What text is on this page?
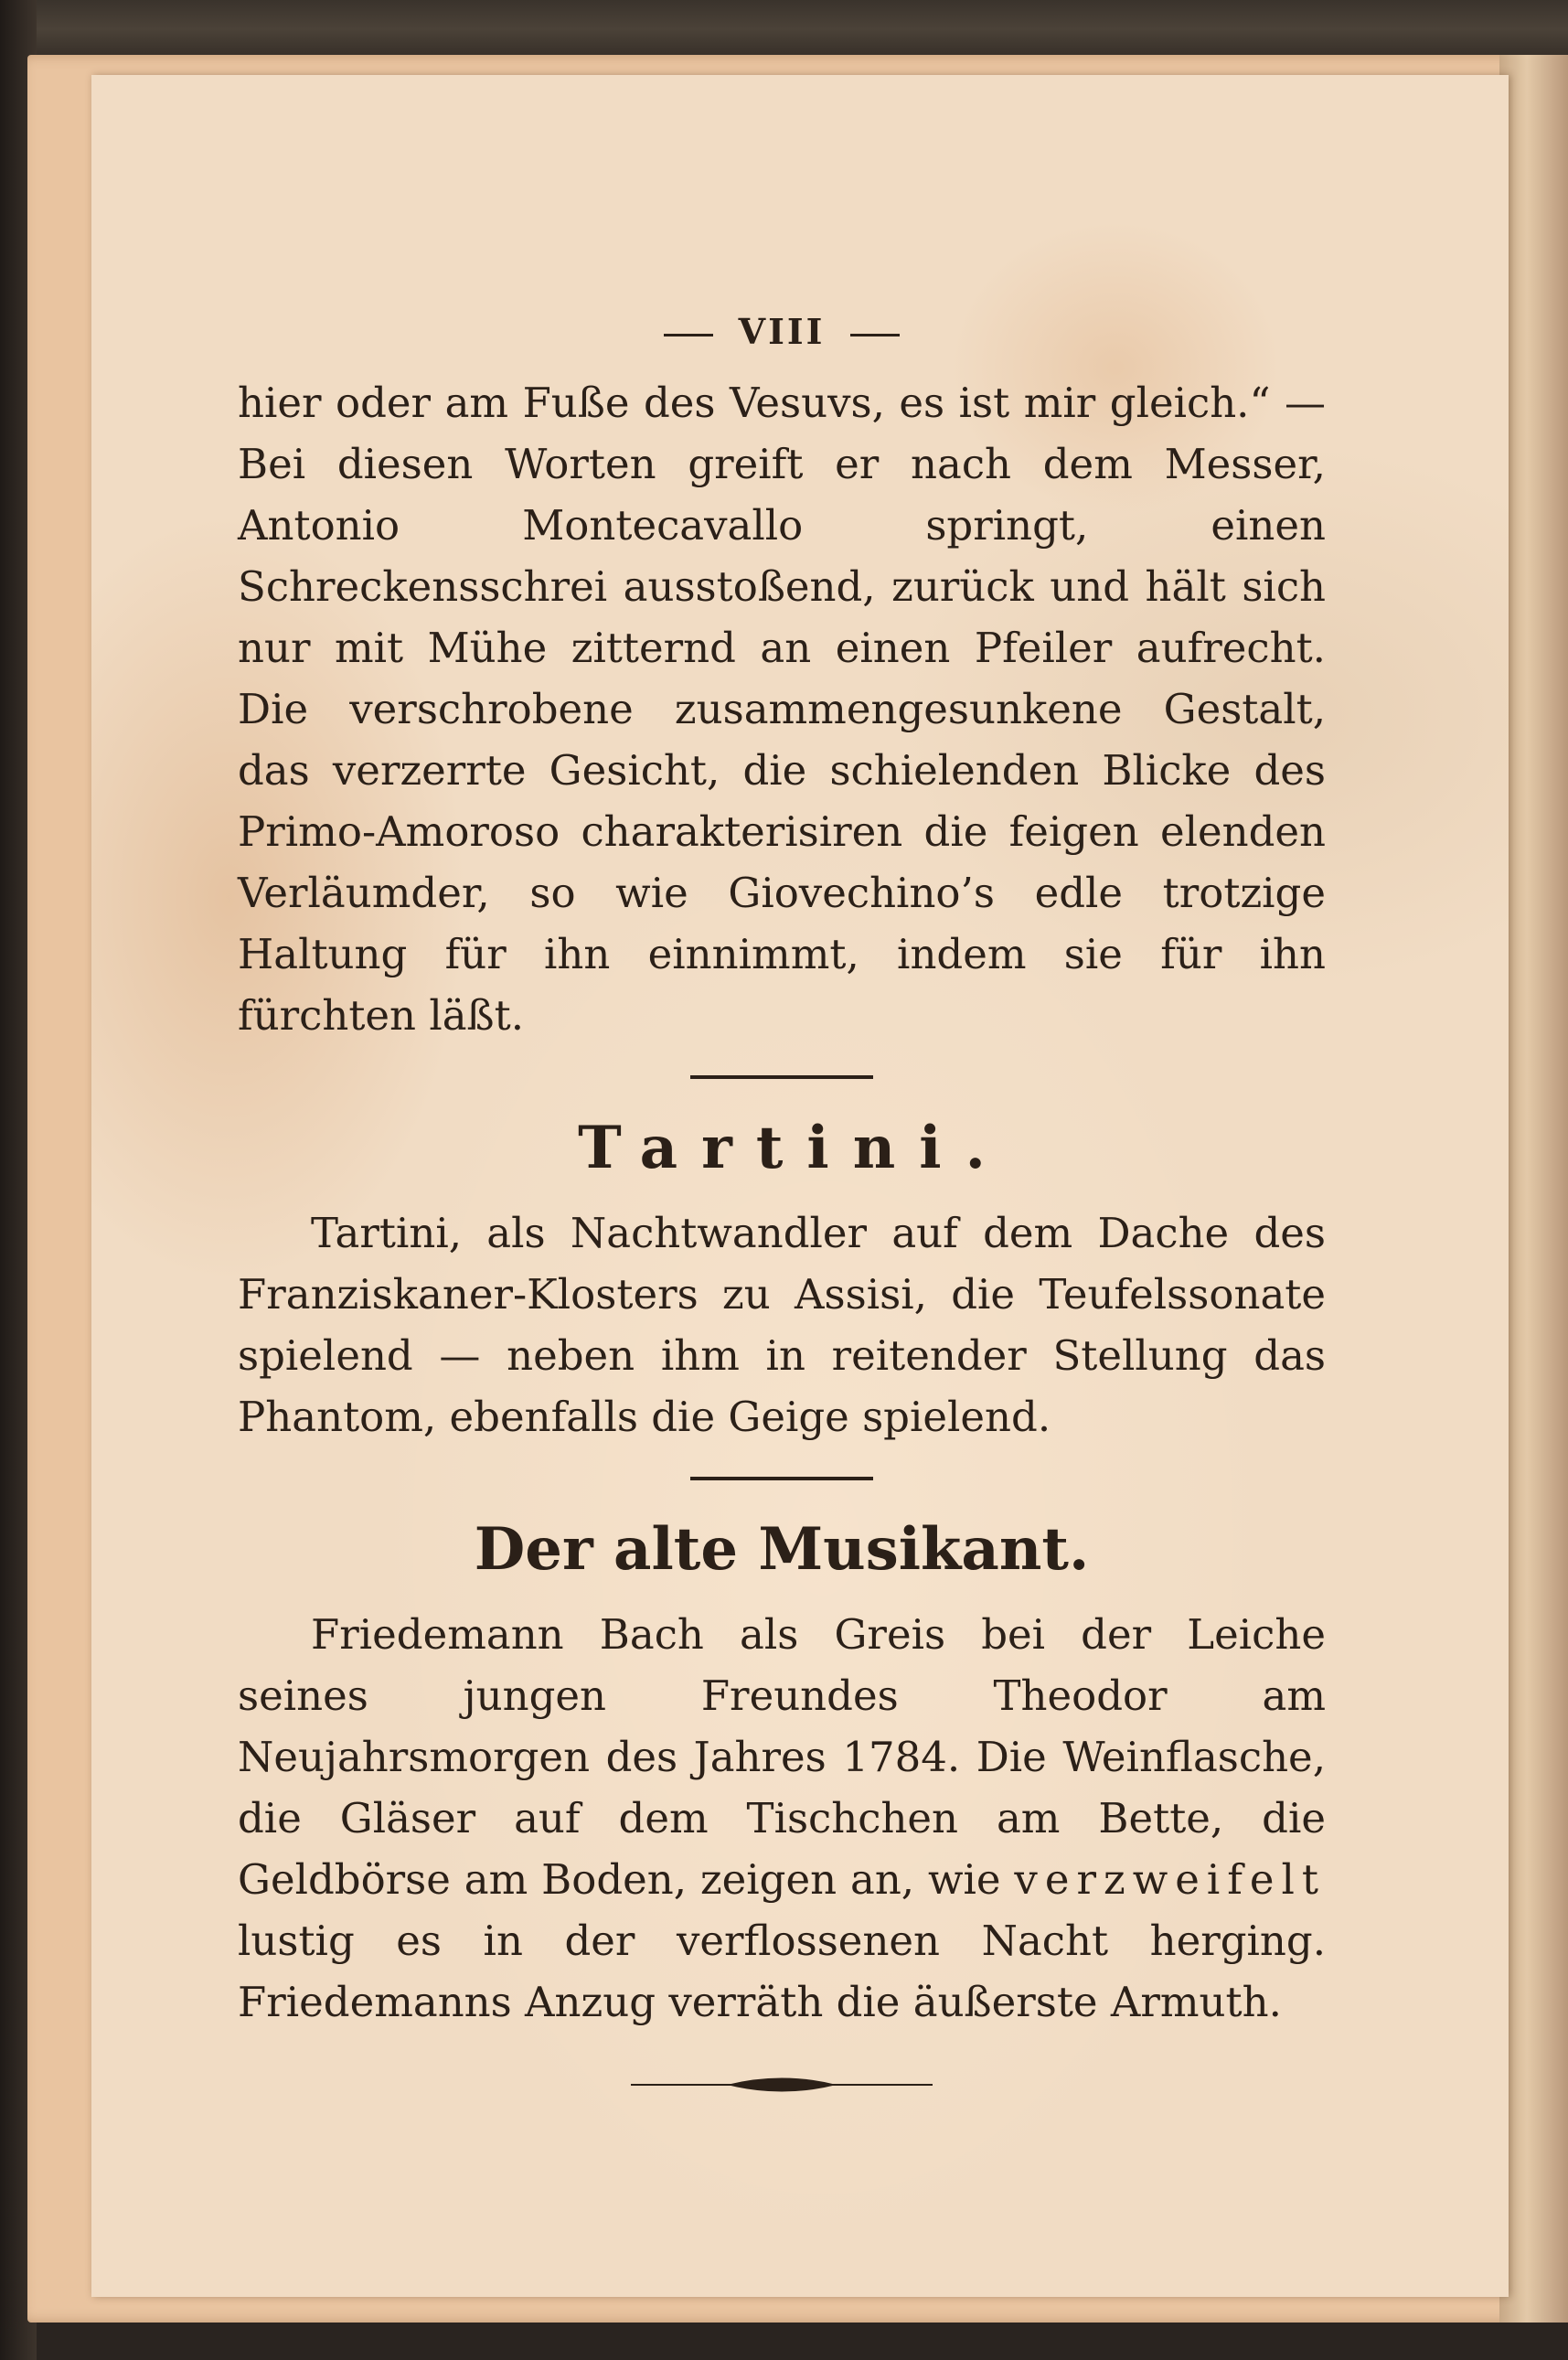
VIII

hier oder am Fuße des Vesuvs, es ist mir gleich.“ — Bei diesen Worten greift er nach dem Messer, Antonio Montecavallo springt, einen Schreckensschrei ausstoßend, zurück und hält sich nur mit Mühe zitternd an einen Pfeiler aufrecht. Die verschrobene zusammengesunkene Gestalt, das verzerrte Gesicht, die schielenden Blicke des Primo-Amoroso charakterisiren die feigen elenden Verläumder, so wie Giovechino’s edle trotzige Haltung für ihn einnimmt, indem sie für ihn fürchten läßt.

Tartini.

Tartini, als Nachtwandler auf dem Dache des Franziskaner-Klosters zu Assisi, die Teufelssonate spielend — neben ihm in reitender Stellung das Phantom, ebenfalls die Geige spielend.

Der alte Musikant.

Friedemann Bach als Greis bei der Leiche seines jungen Freundes Theodor am Neujahrsmorgen des Jahres 1784. Die Weinflasche, die Gläser auf dem Tischchen am Bette, die Geldbörse am Boden, zeigen an, wie verzweifelt lustig es in der verflossenen Nacht herging. Friedemanns Anzug verräth die äußerste Armuth.
